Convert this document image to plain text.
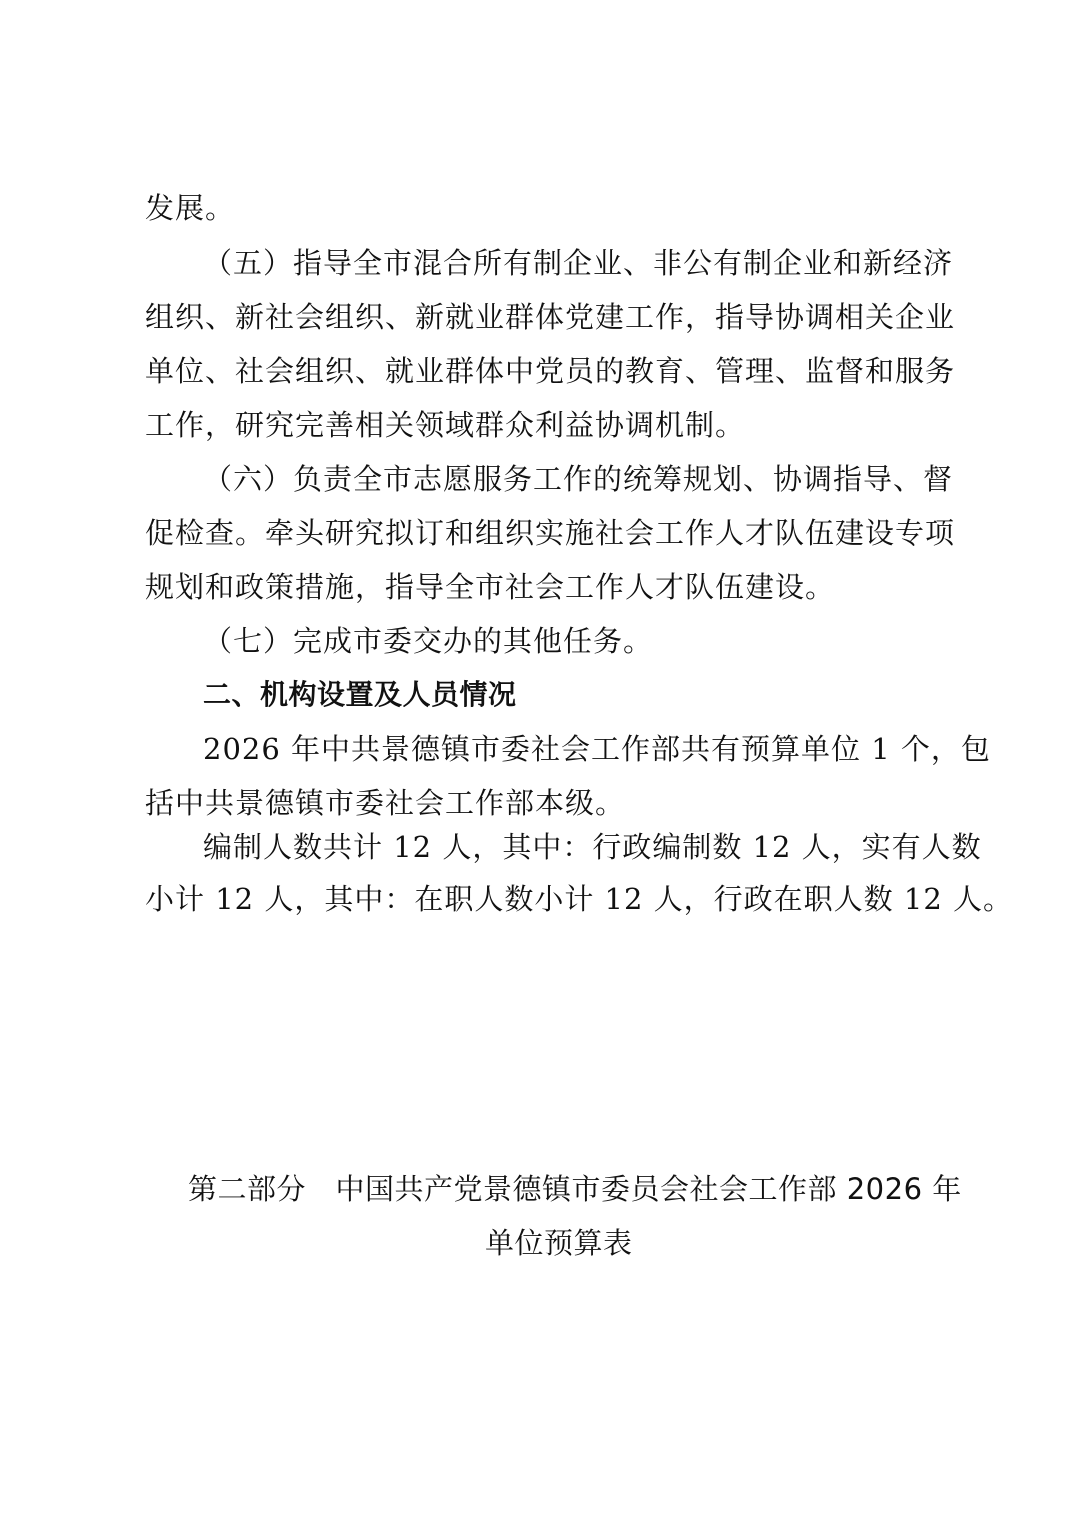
发展。
（五）指导全市混合所有制企业、非公有制企业和新经济
组织、新社会组织、新就业群体党建工作，指导协调相关企业
单位、社会组织、就业群体中党员的教育、管理、监督和服务
工作，研究完善相关领域群众利益协调机制。
（六）负责全市志愿服务工作的统筹规划、协调指导、督
促检查。牵头研究拟订和组织实施社会工作人才队伍建设专项
规划和政策措施，指导全市社会工作人才队伍建设。
（七）完成市委交办的其他任务。
二、机构设置及人员情况
2026 年中共景德镇市委社会工作部共有预算单位 1 个，包
括中共景德镇市委社会工作部本级。
编制人数共计 12 人，其中：行政编制数 12 人，实有人数
小计 12 人，其中：在职人数小计 12 人，行政在职人数 12 人。
第二部分　中国共产党景德镇市委员会社会工作部 2026 年
单位预算表
